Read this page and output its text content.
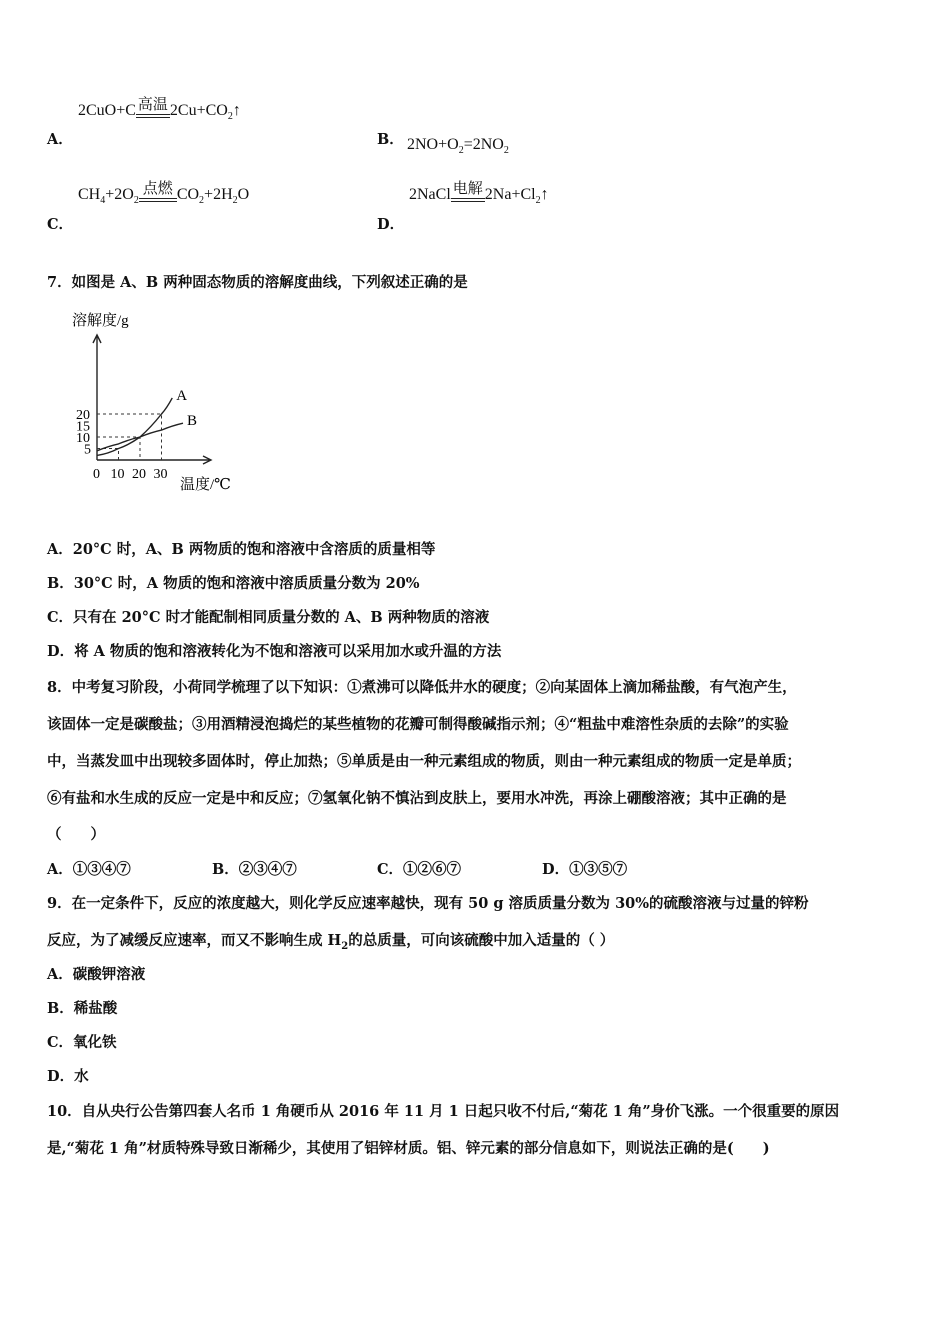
A．
2CuO+C 高温 $2Cu+CO_2↑$
B． $2NO+O_2=2NO_2$
C．
$CH_4+2O_2$
点燃 $CO_2+2H_2O$
D．
2NaCl 电解 $2Na+Cl_2↑$
7．如图是 A、B 两种固态物质的溶解度曲线，下列叙述正确的是
溶解度/g
温度/℃
A
B
0 10 20 30
5
10
15
20
A．20°C 时，A、B 两物质的饱和溶液中含溶质的质量相等
B．30°C 时，A 物质的饱和溶液中溶质质量分数为 20%
C．只有在 20°C 时才能配制相同质量分数的 A、B 两种物质的溶液
D．将 A 物质的饱和溶液转化为不饱和溶液可以采用加水或升温的方法
8．中考复习阶段，小荷同学梳理了以下知识：①煮沸可以降低井水的硬度；②向某固体上滴加稀盐酸，有气泡产生，
该固体一定是碳酸盐；③用酒精浸泡捣烂的某些植物的花瓣可制得酸碱指示剂；④“粗盐中难溶性杂质的去除”的实验
中，当蒸发皿中出现较多固体时，停止加热；⑤单质是由一种元素组成的物质，则由一种元素组成的物质一定是单质；
⑥有盐和水生成的反应一定是中和反应；⑦氢氧化钠不慎沾到皮肤上，要用水冲洗，再涂上硼酸溶液；其中正确的是
（　　）
A．①③④⑦	B．②③④⑦	C．①②⑥⑦	D．①③⑤⑦
9．在一定条件下，反应的浓度越大，则化学反应速率越快，现有 50 g 溶质质量分数为 30%的硫酸溶液与过量的锌粉
反应，为了减缓反应速率，而又不影响生成 $H_2$的总质量，可向该硫酸中加入适量的（ ）
A．碳酸钾溶液
B．稀盐酸
C．氧化铁
D．水
10．自从央行公告第四套人名币 1 角硬币从 2016 年 11 月 1 日起只收不付后,“菊花 1 角”身价飞涨。一个很重要的原因
是,“菊花 1 角”材质特殊导致日渐稀少，其使用了铝锌材质。铝、锌元素的部分信息如下，则说法正确的是(　　)
